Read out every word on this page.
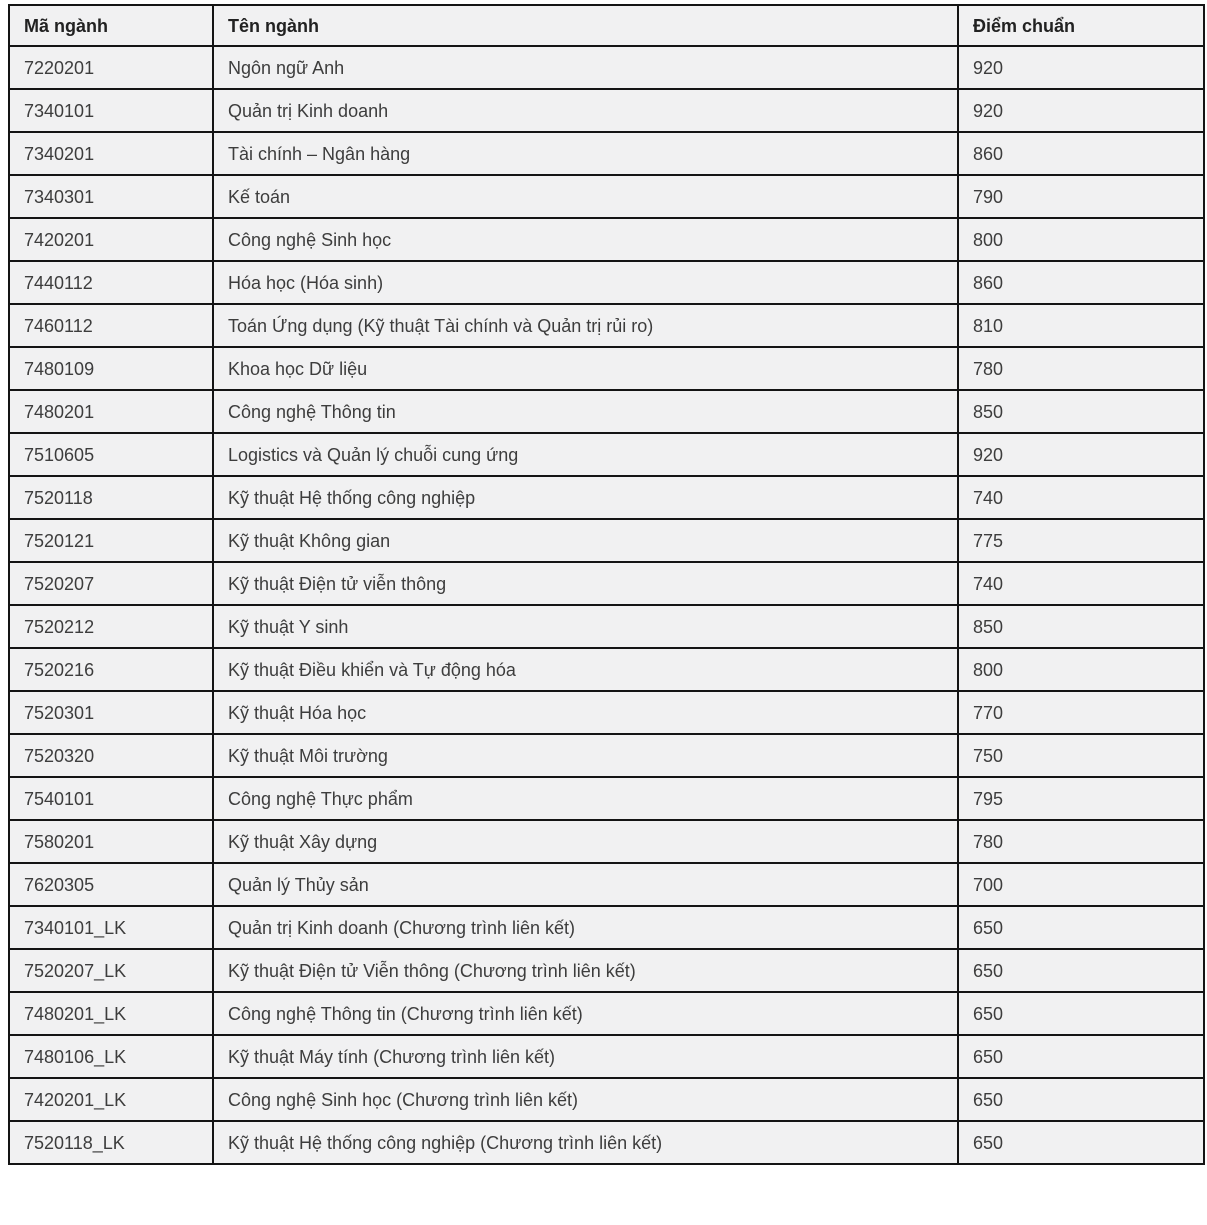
Mã ngành	Tên ngành	Điểm chuẩn
7220201	Ngôn ngữ Anh	920
7340101	Quản trị Kinh doanh	920
7340201	Tài chính – Ngân hàng	860
7340301	Kế toán	790
7420201	Công nghệ Sinh học	800
7440112	Hóa học (Hóa sinh)	860
7460112	Toán Ứng dụng (Kỹ thuật Tài chính và Quản trị rủi ro)	810
7480109	Khoa học Dữ liệu	780
7480201	Công nghệ Thông tin	850
7510605	Logistics và Quản lý chuỗi cung ứng	920
7520118	Kỹ thuật Hệ thống công nghiệp	740
7520121	Kỹ thuật Không gian	775
7520207	Kỹ thuật Điện tử viễn thông	740
7520212	Kỹ thuật Y sinh	850
7520216	Kỹ thuật Điều khiển và Tự động hóa	800
7520301	Kỹ thuật Hóa học	770
7520320	Kỹ thuật Môi trường	750
7540101	Công nghệ Thực phẩm	795
7580201	Kỹ thuật Xây dựng	780
7620305	Quản lý Thủy sản	700
7340101_LK	Quản trị Kinh doanh (Chương trình liên kết)	650
7520207_LK	Kỹ thuật Điện tử Viễn thông (Chương trình liên kết)	650
7480201_LK	Công nghệ Thông tin (Chương trình liên kết)	650
7480106_LK	Kỹ thuật Máy tính (Chương trình liên kết)	650
7420201_LK	Công nghệ Sinh học (Chương trình liên kết)	650
7520118_LK	Kỹ thuật Hệ thống công nghiệp (Chương trình liên kết)	650
